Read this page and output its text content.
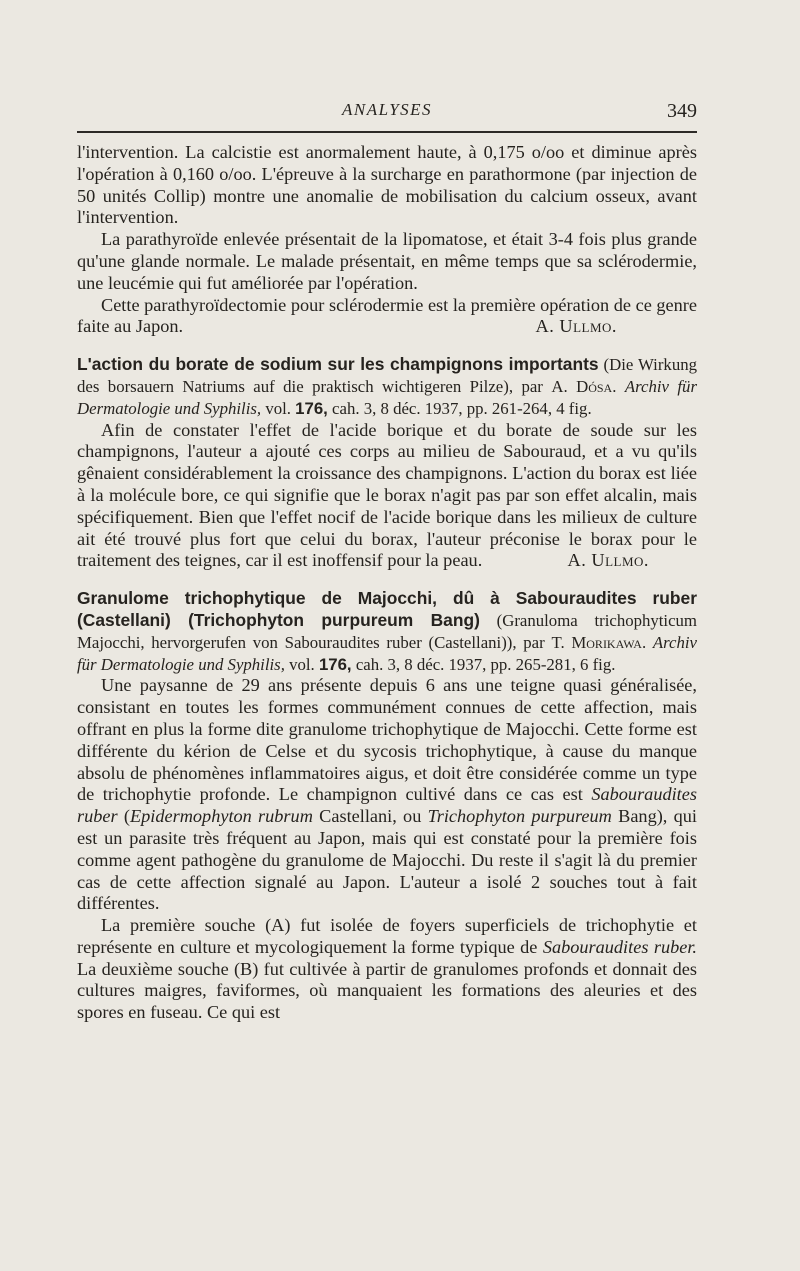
ANALYSES	349

l'intervention. La calcistie est anormalement haute, à 0,175 o/oo et diminue après l'opération à 0,160 o/oo. L'épreuve à la surcharge en parathormone (par injection de 50 unités Collip) montre une anomalie de mobilisation du calcium osseux, avant l'intervention.

La parathyroïde enlevée présentait de la lipomatose, et était 3-4 fois plus grande qu'une glande normale. Le malade présentait, en même temps que sa sclérodermie, une leucémie qui fut améliorée par l'opération.

Cette parathyroïdectomie pour sclérodermie est la première opération de ce genre faite au Japon.	A. Ullmo.

L'action du borate de sodium sur les champignons importants (Die Wirkung des borsauern Natriums auf die praktisch wichtigeren Pilze), par A. Dósa. Archiv für Dermatologie und Syphilis, vol. 176, cah. 3, 8 déc. 1937, pp. 261-264, 4 fig.

Afin de constater l'effet de l'acide borique et du borate de soude sur les champignons, l'auteur a ajouté ces corps au milieu de Sabouraud, et a vu qu'ils gênaient considérablement la croissance des champignons. L'action du borax est liée à la molécule bore, ce qui signifie que le borax n'agit pas par son effet alcalin, mais spécifiquement. Bien que l'effet nocif de l'acide borique dans les milieux de culture ait été trouvé plus fort que celui du borax, l'auteur préconise le borax pour le traitement des teignes, car il est inoffensif pour la peau.	A. Ullmo.

Granulome trichophytique de Majocchi, dû à Sabouraudites ruber (Castellani) (Trichophyton purpureum Bang) (Granuloma trichophyticum Majocchi, hervorgerufen von Sabouraudites ruber (Castellani)), par T. Morikawa. Archiv für Dermatologie und Syphilis, vol. 176, cah. 3, 8 déc. 1937, pp. 265-281, 6 fig.

Une paysanne de 29 ans présente depuis 6 ans une teigne quasi généralisée, consistant en toutes les formes communément connues de cette affection, mais offrant en plus la forme dite granulome trichophytique de Majocchi. Cette forme est différente du kérion de Celse et du sycosis trichophytique, à cause du manque absolu de phénomènes inflammatoires aigus, et doit être considérée comme un type de trichophytie profonde. Le champignon cultivé dans ce cas est Sabouraudites ruber (Epidermophyton rubrum Castellani, ou Trichophyton purpureum Bang), qui est un parasite très fréquent au Japon, mais qui est constaté pour la première fois comme agent pathogène du granulome de Majocchi. Du reste il s'agit là du premier cas de cette affection signalé au Japon. L'auteur a isolé 2 souches tout à fait différentes.

La première souche (A) fut isolée de foyers superficiels de trichophytie et représente en culture et mycologiquement la forme typique de Sabouraudites ruber. La deuxième souche (B) fut cultivée à partir de granulomes profonds et donnait des cultures maigres, faviformes, où manquaient les formations des aleuries et des spores en fuseau. Ce qui est
